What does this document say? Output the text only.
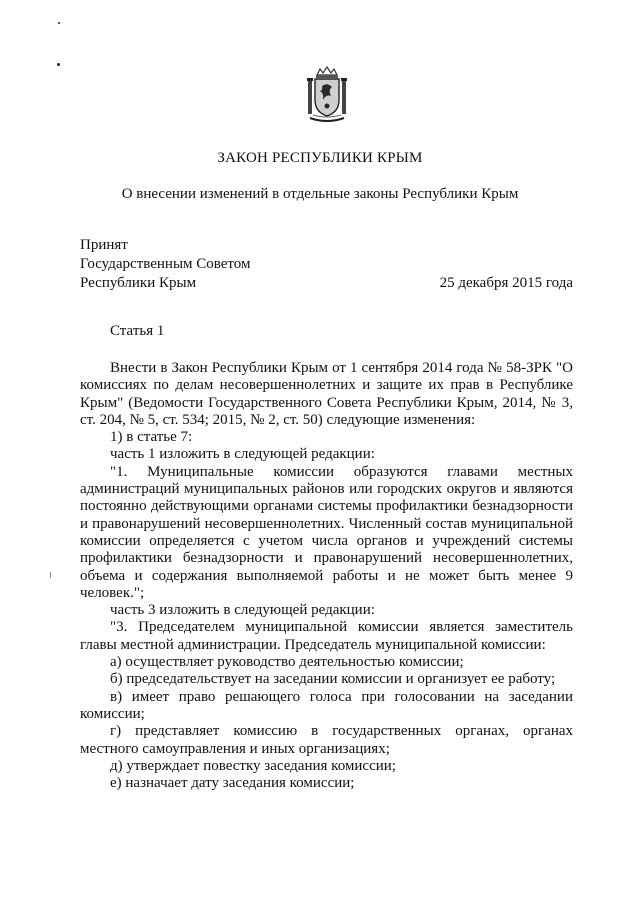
ЗАКОН РЕСПУБЛИКИ КРЫМ
О внесении изменений в отдельные законы Республики Крым
Принят
Государственным Советом
Республики Крым	25 декабря 2015 года
Статья 1

Внести в Закон Республики Крым от 1 сентября 2014 года № 58-ЗРК "О комиссиях по делам несовершеннолетних и защите их прав в Республике Крым" (Ведомости Государственного Совета Республики Крым, 2014, № 3, ст. 204, № 5, ст. 534; 2015, № 2, ст. 50) следующие изменения:

1) в статье 7:

часть 1 изложить в следующей редакции:

"1. Муниципальные комиссии образуются главами местных администраций муниципальных районов или городских округов и являются постоянно действующими органами системы профилактики безнадзорности и правонарушений несовершеннолетних. Численный состав муниципальной комиссии определяется с учетом числа органов и учреждений системы профилактики безнадзорности и правонарушений несовершеннолетних, объема и содержания выполняемой работы и не может быть менее 9 человек.";

часть 3 изложить в следующей редакции:

"3. Председателем муниципальной комиссии является заместитель главы местной администрации. Председатель муниципальной комиссии:

а) осуществляет руководство деятельностью комиссии;

б) председательствует на заседании комиссии и организует ее работу;

в) имеет право решающего голоса при голосовании на заседании комиссии;

г) представляет комиссию в государственных органах, органах местного самоуправления и иных организациях;

д) утверждает повестку заседания комиссии;

е) назначает дату заседания комиссии;
